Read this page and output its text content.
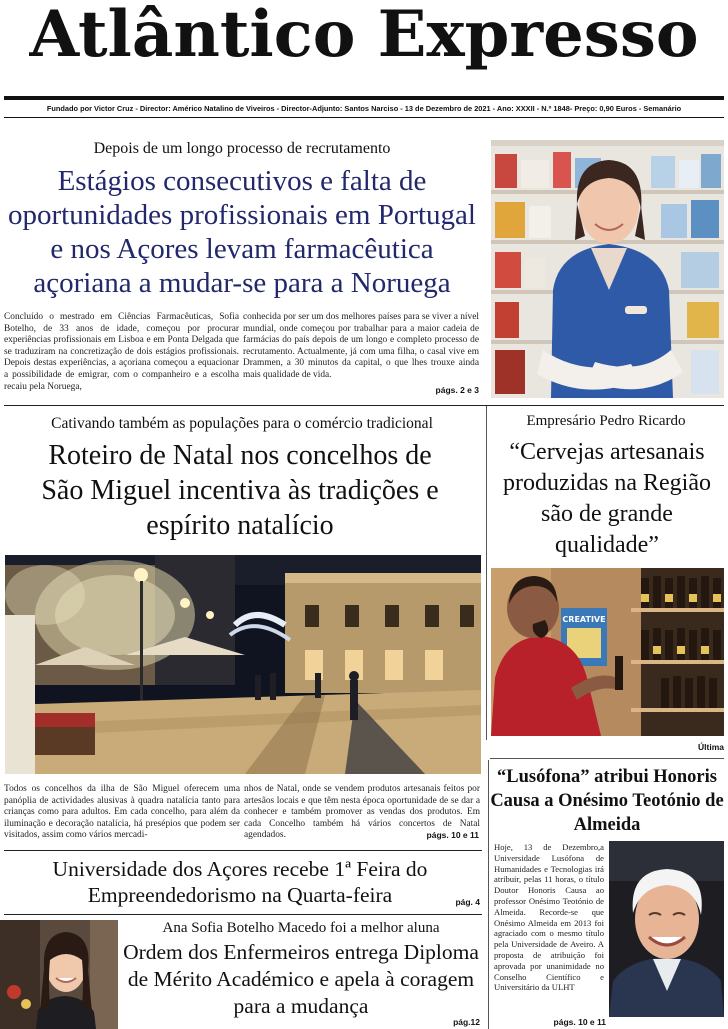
Atlântico Expresso
Fundado por Victor Cruz - Director: Américo Natalino de Viveiros - Director-Adjunto: Santos Narciso - 13 de Dezembro de 2021 - Ano: XXXII - N.º 1848- Preço: 0,90 Euros - Semanário
Depois de um longo processo de recrutamento
Estágios consecutivos e falta de oportunidades profissionais em Portugal e nos Açores levam farmacêutica açoriana a mudar-se para a Noruega
Concluído o mestrado em Ciências Farmacêuticas, Sofia Botelho, de 33 anos de idade, começou por procurar experiências profissionais em Lisboa e em Ponta Delgada que se traduziram na concretização de dois estágios profissionais. Depois destas experiências, a açoriana começou a equacionar a possibilidade de emigrar, com o companheiro e a escolha recaiu pela Noruega,
conhecida por ser um dos melhores países para se viver a nível mundial, onde começou por trabalhar para a maior cadeia de farmácias do país depois de um longo e completo processo de recrutamento. Actualmente, já com uma filha, o casal vive em Drammen, a 30 minutos da capital, o que lhes trouxe ainda mais qualidade de vida.
págs. 2 e 3
Cativando também as populações para o comércio tradicional
Roteiro de Natal nos concelhos de São Miguel incentiva às tradições e espírito natalício
Todos os concelhos da ilha de São Miguel oferecem uma panóplia de actividades alusivas à quadra natalícia tanto para crianças como para adultos. Em cada concelho, para além da iluminação e decoração natalícia, há presépios que podem ser visitados, assim como vários mercadi-
nhos de Natal, onde se vendem produtos artesanais feitos por artesãos locais e que têm nesta época oportunidade de se dar a conhecer e também promover as vendas dos produtos. Em cada Concelho também há vários concertos de Natal agendados.	págs. 10 e 11
Empresário Pedro Ricardo
“Cervejas artesanais produzidas na Região são de grande qualidade”
CREATIVE
Última
Universidade dos Açores recebe 1ª Feira do Empreendedorismo na Quarta-feira	pág. 4
Ana Sofia Botelho Macedo foi a melhor aluna
Ordem dos Enfermeiros entrega Diploma de Mérito Académico e apela à coragem para a mudança
pág.12
“Lusófona” atribui Honoris Causa a Onésimo Teotónio de Almeida
Hoje, 13 de Dezembro,a Universidade Lusófona de Humanidades e Tecnologias irá atribuir, pelas 11 horas, o título Doutor Honoris Causa ao professor Onésimo Teotónio de Almeida. Recorde-se que Onésimo Almeida em 2013 foi agraciado com o mesmo título pela Universidade de Aveiro. A proposta de atribuição foi aprovada por unanimidade no Conselho Científico e Universitário da ULHT
págs. 10 e 11
